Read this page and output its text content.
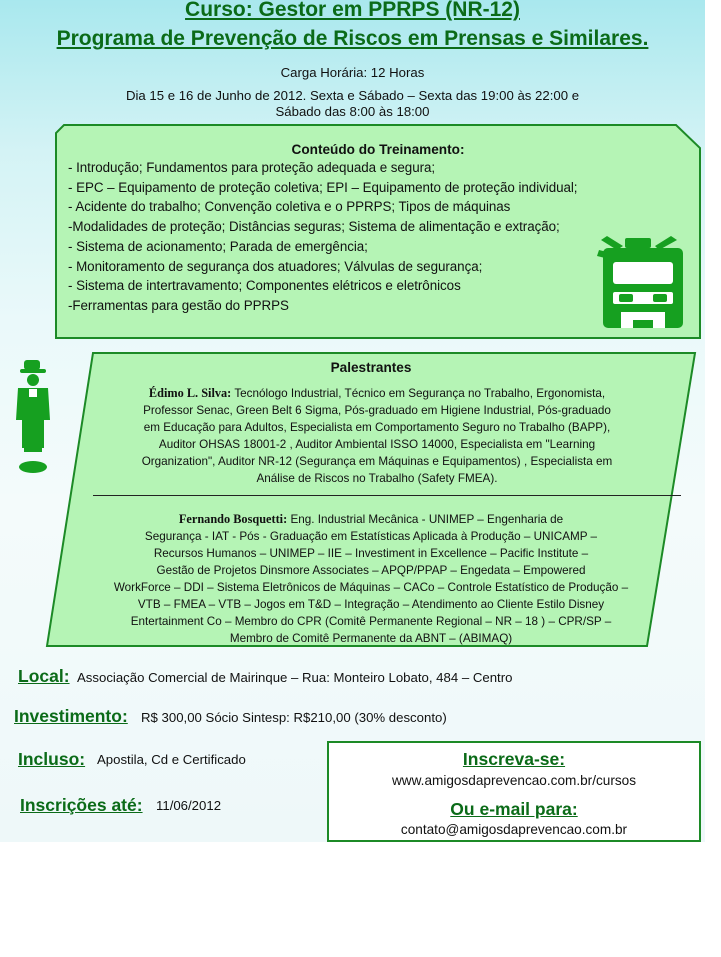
Curso: Gestor em PPRPS (NR-12)
Programa de Prevenção de Riscos em Prensas e Similares.
Carga Horária: 12 Horas
Dia 15 e 16 de Junho de 2012. Sexta e Sábado – Sexta das 19:00 às 22:00 e
Sábado das 8:00 às 18:00
Conteúdo do Treinamento:
- Introdução; Fundamentos para proteção adequada e segura;
- EPC – Equipamento de proteção coletiva; EPI – Equipamento de proteção individual;
- Acidente do trabalho; Convenção coletiva e o PPRPS; Tipos de máquinas
-Modalidades de proteção; Distâncias seguras; Sistema de alimentação e extração;
- Sistema de acionamento; Parada de emergência;
- Monitoramento de segurança dos atuadores; Válvulas de segurança;
- Sistema de intertravamento; Componentes elétricos e eletrônicos
-Ferramentas para gestão do PPRPS
Palestrantes
Édimo L. Silva: Tecnólogo Industrial, Técnico em Segurança no Trabalho, Ergonomista,
Professor Senac, Green Belt 6 Sigma, Pós-graduado em Higiene Industrial, Pós-graduado
em Educação para Adultos, Especialista em Comportamento Seguro no Trabalho (BAPP),
Auditor OHSAS 18001-2 , Auditor Ambiental ISSO 14000, Especialista em "Learning
Organization", Auditor NR-12 (Segurança em Máquinas e Equipamentos) , Especialista em
Análise de Riscos no Trabalho (Safety FMEA).
Fernando Bosquetti: Eng. Industrial Mecânica - UNIMEP – Engenharia de
Segurança - IAT - Pós - Graduação em Estatísticas Aplicada à Produção – UNICAMP –
Recursos Humanos – UNIMEP – IIE – Investiment in Excellence – Pacific Institute –
Gestão de Projetos Dinsmore Associates – APQP/PPAP – Engedata – Empowered
WorkForce – DDI – Sistema Eletrônicos de Máquinas – CACo – Controle Estatístico de Produção –
VTB – FMEA – VTB – Jogos em T&D – Integração – Atendimento ao Cliente Estilo Disney
Entertainment Co – Membro do CPR (Comitê Permanente Regional – NR – 18 ) – CPR/SP –
Membro de Comitê Permanente da ABNT – (ABIMAQ)
Local: Associação Comercial de Mairinque – Rua: Monteiro Lobato, 484 – Centro
Investimento: R$ 300,00 Sócio Sintesp: R$210,00 (30% desconto)
Incluso: Apostila, Cd e Certificado
Inscrições até: 11/06/2012
Inscreva-se:
www.amigosdaprevencao.com.br/cursos
Ou e-mail para:
contato@amigosdaprevencao.com.br
